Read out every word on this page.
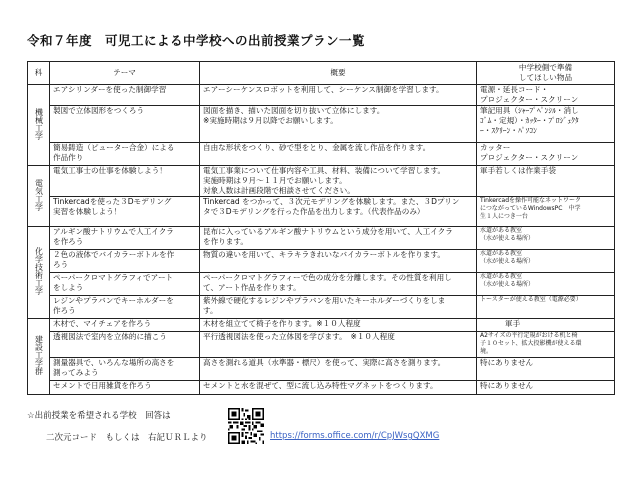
令和７年度　可児工による中学校への出前授業プラン一覧
科	テーマ	概要	中学校側で準備
してほしい物品
機械工学	エアシリンダーを使った制御学習	エアーシーケンスロボットを利用して、シーケンス制御を学習します。	電源・延長コード・
プロジェクター・スクリーン
	製図で立体図形をつくろう	図面を描き、描いた図面を切り抜いて立体にします。
※実施時期は９月以降でお願いします。	筆記用具（ｼｬｰﾌﾟﾍﾟﾝｼﾙ・消し
ｺﾞﾑ・定規）・ｶｯﾀｰ・ﾌﾟﾛｼﾞｪｸﾀ
ｰ・ｽｸﾘｰﾝ・ﾊﾟｿｺﾝ
	簡易鋳造（ピューター合金）による
作品作り	自由な形状をつくり、砂で型をとり、金属を流し作品を作ります。	カッター
プロジェクター・スクリーン
電気工学	電気工事士の仕事を体験しよう！	電気工事業について仕事内容や工具、材料、装備について学習します。
実施時期は９月～１１月でお願いします。
対象人数は計画段階で相談させてください。	軍手若しくは作業手袋
	Tinkercadを使った３Dモデリング
実習を体験しよう！	Tinkercad をつかって、３次元モデリングを体験します。また、３Dプリン
タで３Dモデリングを行った作品を出力します。（代表作品のみ）	Tinkercadを操作可能なネットワーク
につながっているWindowsPC　中学
生１人につき一台
化学技術工学	アルギン酸ナトリウムで人工イクラ
を作ろう	昆布に入っているアルギン酸ナトリウムという成分を用いて、人工イクラ
を作ります。	水道がある教室
（水が使える場所）
	２色の液体でバイカラーボトルを作
ろう	物質の違いを用いて、キラキラきれいなバイカラーボトルを作ります。	水道がある教室
（水が使える場所）
	ペーパークロマトグラフィでアート
をしよう	ペーパークロマトグラフィーで色の成分を分離します。その性質を利用し
て、アート作品を作ります。	水道がある教室
（水が使える場所）
	レジンやプラバンでキーホルダーを
作ろう	紫外線で硬化するレジンやプラバンを用いたキーホルダーづくりをしま
す。	トースターが使える教室（電源必要）
建設工学群	木材で、マイチェアを作ろう	木材を組立てて椅子を作ります。※１０人程度	軍手
	透視図法で室内を立体的に描こう	平行透視図法を使った立体図を学びます。　※１０人程度	A2サイズの平行定規がおける机と椅
子１０セット、拡大投影機が使える環
境。
	測量器具で、いろんな場所の高さを
測ってみよう	高さを測れる道具（水準器・標尺）を使って、実際に高さを測ります。	特にありません
	セメントで日用雑貨を作ろう	セメントと水を混ぜて、型に流し込み特性マグネットをつくります。	特にありません
☆出前授業を希望される学校　回答は
二次元コード　もしくは　右記ＵＲＬより	https://forms.office.com/r/CpJWsgQXMG
